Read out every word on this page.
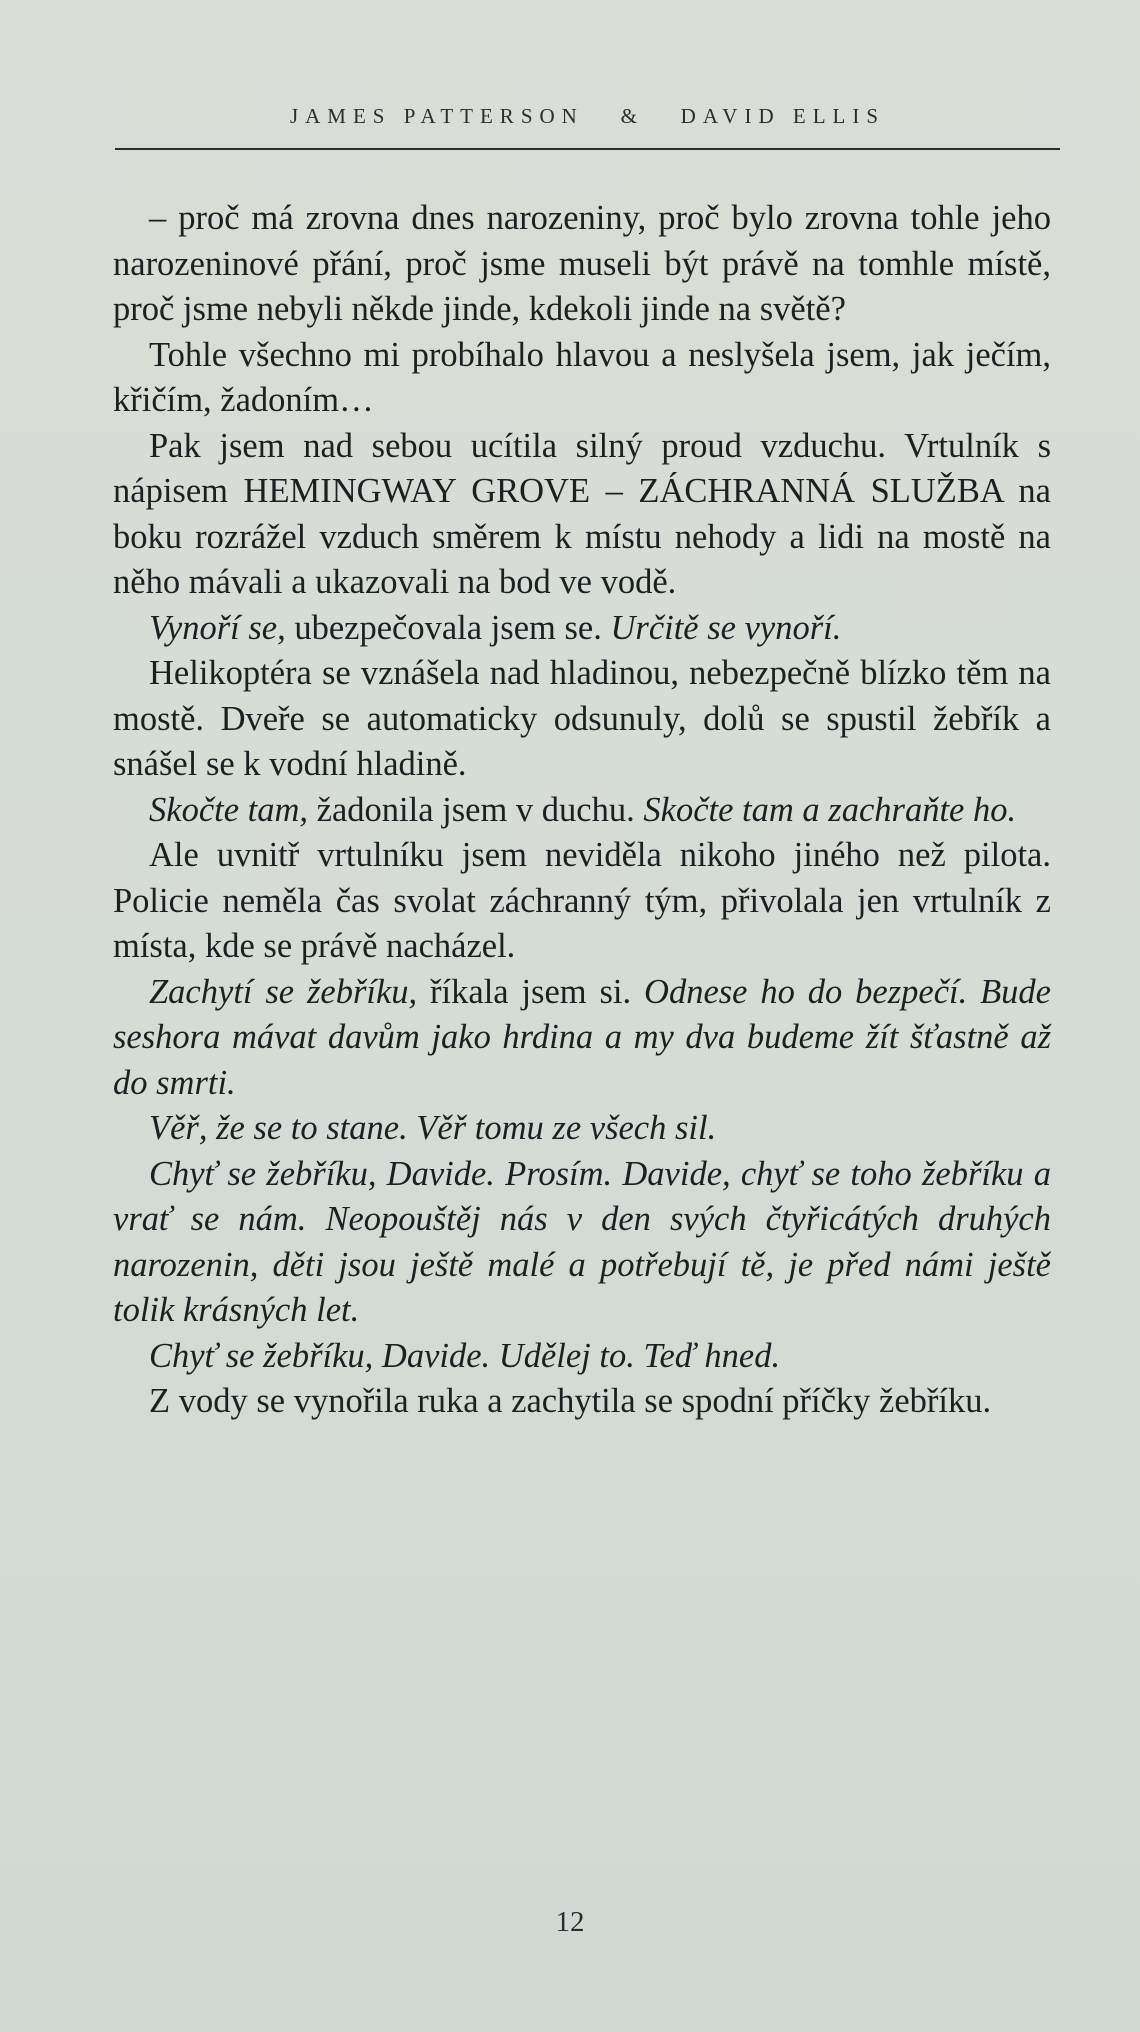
JAMES PATTERSON & DAVID ELLIS

– proč má zrovna dnes narozeniny, proč bylo zrovna tohle jeho narozeninové přání, proč jsme museli být právě na tomhle místě, proč jsme nebyli někde jinde, kdekoli jinde na světě?

Tohle všechno mi probíhalo hlavou a neslyšela jsem, jak ječím, křičím, žadoním…

Pak jsem nad sebou ucítila silný proud vzduchu. Vrtulník s nápisem HEMINGWAY GROVE – ZÁCHRANNÁ SLUŽBA na boku rozrážel vzduch směrem k místu nehody a lidi na mostě na něho mávali a ukazovali na bod ve vodě.

Vynoří se, ubezpečovala jsem se. Určitě se vynoří.

Helikoptéra se vznášela nad hladinou, nebezpečně blízko těm na mostě. Dveře se automaticky odsunuly, dolů se spustil žebřík a snášel se k vodní hladině.

Skočte tam, žadonila jsem v duchu. Skočte tam a zachraňte ho.

Ale uvnitř vrtulníku jsem neviděla nikoho jiného než pilota. Policie neměla čas svolat záchranný tým, přivolala jen vrtulník z místa, kde se právě nacházel.

Zachytí se žebříku, říkala jsem si. Odnese ho do bezpečí. Bude seshora mávat davům jako hrdina a my dva budeme žít šťastně až do smrti.

Věř, že se to stane. Věř tomu ze všech sil.

Chyť se žebříku, Davide. Prosím. Davide, chyť se toho žebříku a vrať se nám. Neopouštěj nás v den svých čtyřicátých druhých narozenin, děti jsou ještě malé a potřebují tě, je před námi ještě tolik krásných let.

Chyť se žebříku, Davide. Udělej to. Teď hned.

Z vody se vynořila ruka a zachytila se spodní příčky žebříku.

12
